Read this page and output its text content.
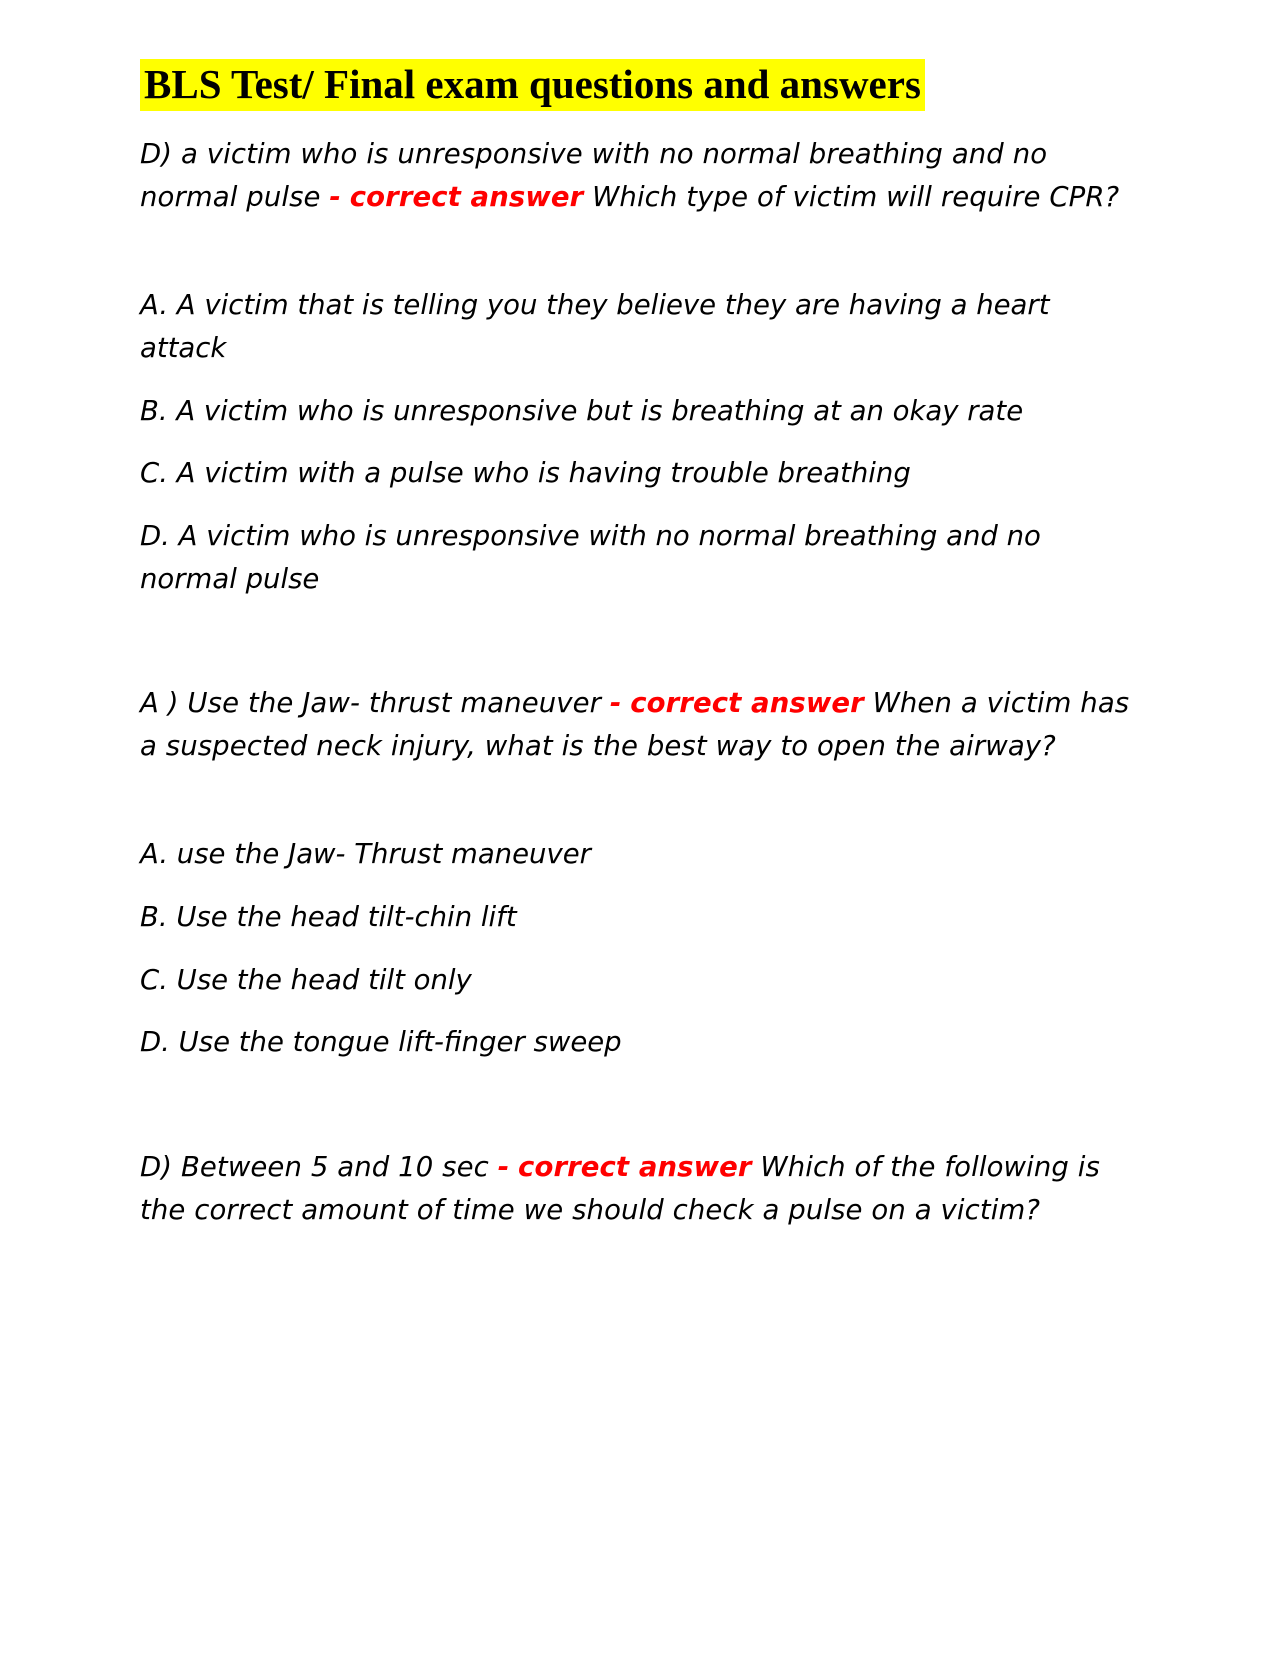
BLS Test/ Final exam questions and answers

D) a victim who is unresponsive with no normal breathing and no normal pulse - correct answer Which type of victim will require CPR?

A. A victim that is telling you they believe they are having a heart attack

B. A victim who is unresponsive but is breathing at an okay rate

C. A victim with a pulse who is having trouble breathing

D. A victim who is unresponsive with no normal breathing and no normal pulse

A ) Use the Jaw- thrust maneuver - correct answer When a victim has a suspected neck injury, what is the best way to open the airway?

A. use the Jaw- Thrust maneuver

B. Use the head tilt-chin lift

C. Use the head tilt only

D. Use the tongue lift-finger sweep

D) Between 5 and 10 sec - correct answer Which of the following is the correct amount of time we should check a pulse on a victim?
